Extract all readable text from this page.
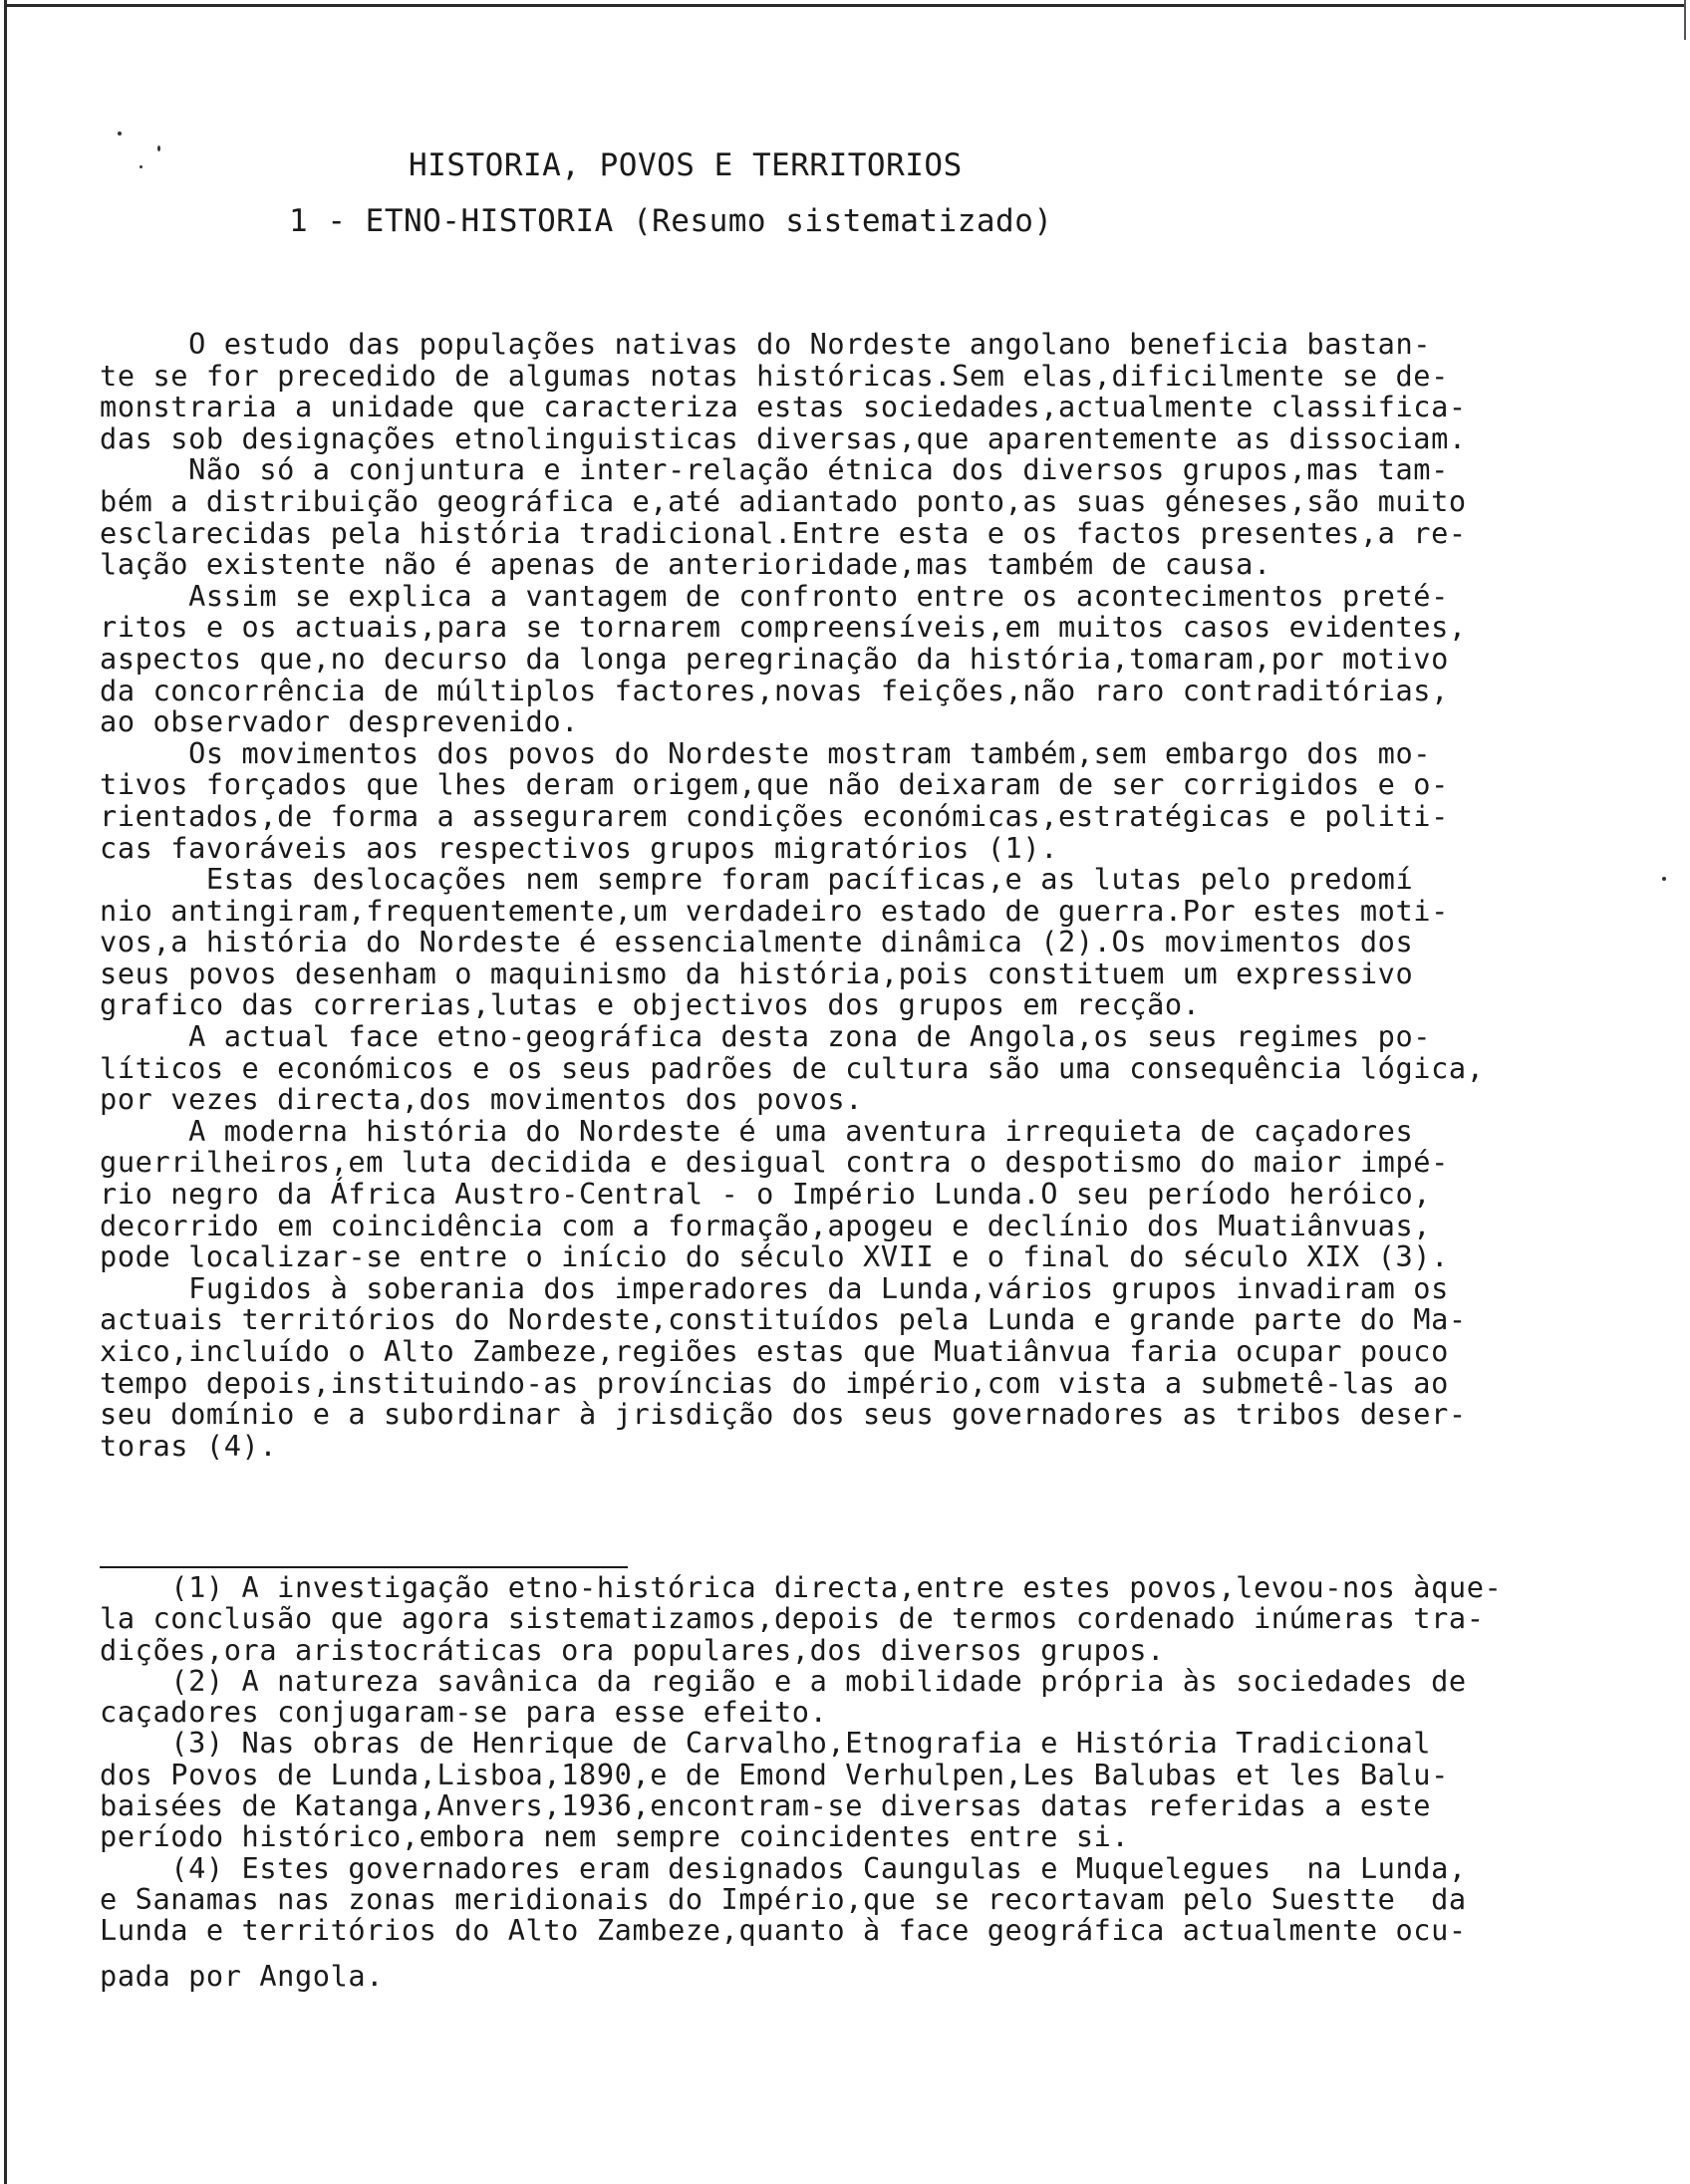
HISTORIA, POVOS E TERRITORIOS
1 - ETNO-HISTORIA (Resumo sistematizado)
O estudo das populações nativas do Nordeste angolano beneficia bastan-
te se for precedido de algumas notas históricas.Sem elas,dificilmente se de-
monstraria a unidade que caracteriza estas sociedades,actualmente classifica-
das sob designações etnolinguisticas diversas,que aparentemente as dissociam.
Não só a conjuntura e inter-relação étnica dos diversos grupos,mas tam-
bém a distribuição geográfica e,até adiantado ponto,as suas géneses,são muito
esclarecidas pela história tradicional.Entre esta e os factos presentes,a re-
lação existente não é apenas de anterioridade,mas também de causa.
Assim se explica a vantagem de confronto entre os acontecimentos preté-
ritos e os actuais,para se tornarem compreensíveis,em muitos casos evidentes,
aspectos que,no decurso da longa peregrinação da história,tomaram,por motivo
da concorrência de múltiplos factores,novas feições,não raro contraditórias,
ao observador desprevenido.
Os movimentos dos povos do Nordeste mostram também,sem embargo dos mo-
tivos forçados que lhes deram origem,que não deixaram de ser corrigidos e o-
rientados,de forma a assegurarem condições económicas,estratégicas e politi-
cas favoráveis aos respectivos grupos migratórios (1).
Estas deslocações nem sempre foram pacíficas,e as lutas pelo predomí
nio antingiram,frequentemente,um verdadeiro estado de guerra.Por estes moti-
vos,a história do Nordeste é essencialmente dinâmica (2).Os movimentos dos
seus povos desenham o maquinismo da história,pois constituem um expressivo
grafico das correrias,lutas e objectivos dos grupos em recção.
A actual face etno-geográfica desta zona de Angola,os seus regimes po-
líticos e económicos e os seus padrões de cultura são uma consequência lógica,
por vezes directa,dos movimentos dos povos.
A moderna história do Nordeste é uma aventura irrequieta de caçadores
guerrilheiros,em luta decidida e desigual contra o despotismo do maior impé-
rio negro da África Austro-Central - o Império Lunda.O seu período heróico,
decorrido em coincidência com a formação,apogeu e declínio dos Muatiânvuas,
pode localizar-se entre o início do século XVII e o final do século XIX (3).
Fugidos à soberania dos imperadores da Lunda,vários grupos invadiram os
actuais territórios do Nordeste,constituídos pela Lunda e grande parte do Ma-
xico,incluído o Alto Zambeze,regiões estas que Muatiânvua faria ocupar pouco
tempo depois,instituindo-as províncias do império,com vista a submetê-las ao
seu domínio e a subordinar à jrisdição dos seus governadores as tribos deser-
toras (4).
(1) A investigação etno-histórica directa,entre estes povos,levou-nos àque-
la conclusão que agora sistematizamos,depois de termos cordenado inúmeras tra-
dições,ora aristocráticas ora populares,dos diversos grupos.
(2) A natureza savânica da região e a mobilidade própria às sociedades de
caçadores conjugaram-se para esse efeito.
(3) Nas obras de Henrique de Carvalho,Etnografia e História Tradicional
dos Povos de Lunda,Lisboa,1890,e de Emond Verhulpen,Les Balubas et les Balu-
baisées de Katanga,Anvers,1936,encontram-se diversas datas referidas a este
período histórico,embora nem sempre coincidentes entre si.
(4) Estes governadores eram designados Caungulas e Muquelegues  na Lunda,
e Sanamas nas zonas meridionais do Império,que se recortavam pelo Suestte  da
Lunda e territórios do Alto Zambeze,quanto à face geográfica actualmente ocu-
pada por Angola.
